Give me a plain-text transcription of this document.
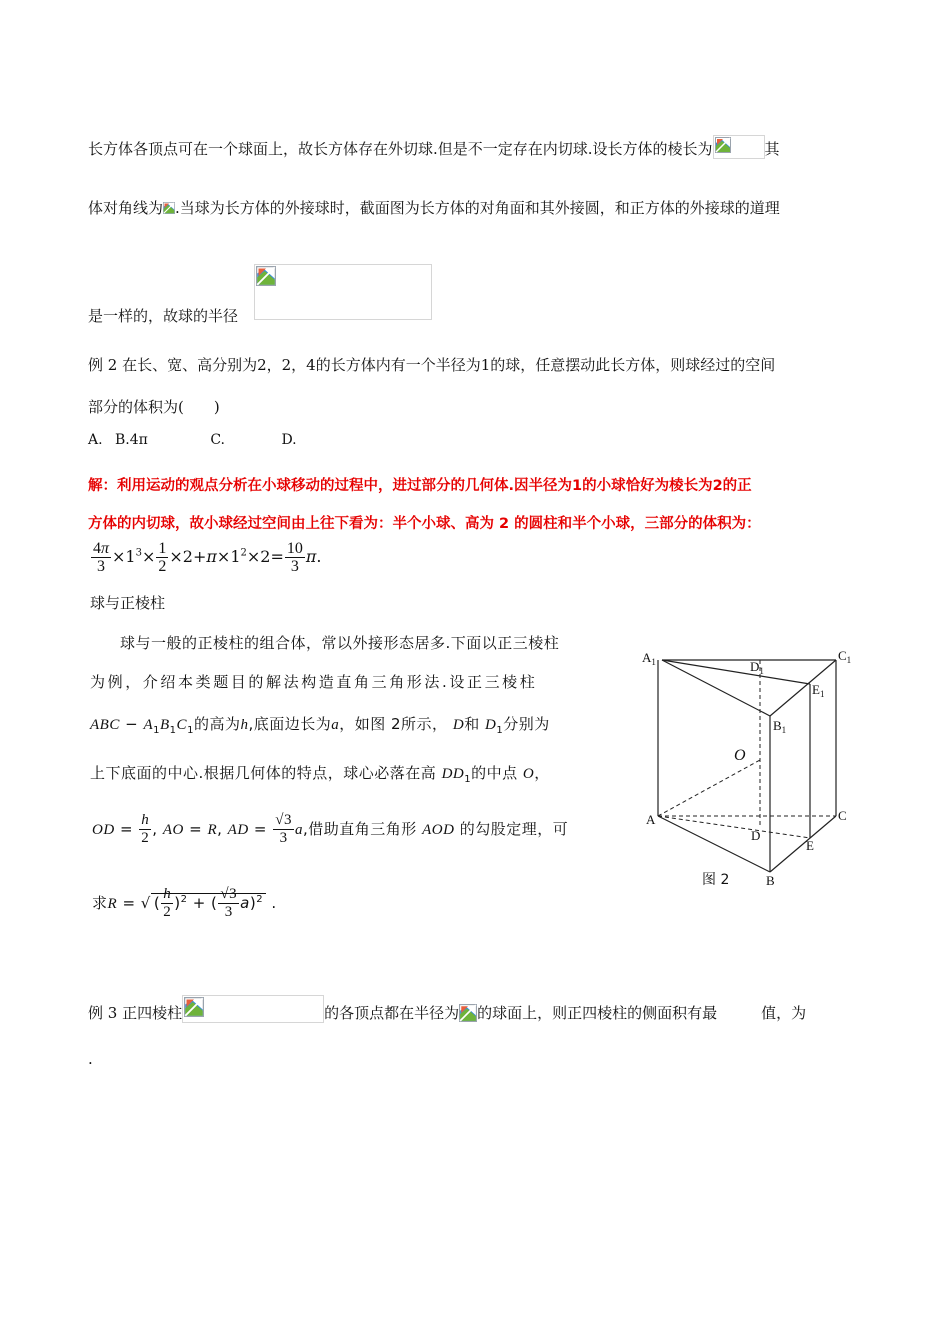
长方体各顶点可在一个球面上，故长方体存在外切球.但是不一定存在内切球.设长方体的棱长为	其
体对角线为 .当球为长方体的外接球时，截面图为长方体的对角面和其外接圆，和正方体的外接球的道理
是一样的，故球的半径
例 2 在长、宽、高分别为2，2，4的长方体内有一个半径为1的球，任意摆动此长方体，则球经过的空间
部分的体积为(　　)
A. B.4π	C.	D.
解：利用运动的观点分析在小球移动的过程中，进过部分的几何体.因半径为1的小球恰好为棱长为2的正
方体的内切球，故小球经过空间由上往下看为：半个小球、高为 2 的圆柱和半个小球，三部分的体积为：
$\frac{4\pi}{3} \times 1^3\times \frac{1}{2} \times 2+\pi\times 1^2\times 2= \frac{10}{3} \pi$.
球与正棱柱
球与一般的正棱柱的组合体，常以外接形态居多.下面以正三棱柱
为例，介绍本类题目的解法构造直角三角形法.设正三棱柱
ABC − $A_1B_1C_1$的高为h,底面边长为a，如图 2所示， D和 $D_1$分别为
上下底面的中心.根据几何体的特点，球心必落在高 $DD_1$的中点 O，
OD = $\frac{h}{2}$ , AO = R, AD = $\frac{√3}{3} a$,借助直角三角形 AOD 的勾股定理，可
求R = √ ( $\frac{h}{2} )^2$ + ( $\frac{√3}{3} a)^2$ .
$A_1$	$D_1$
$C_1$
$E_1$
$B_1$
O
A	C
D
E
B
图 2
例 3 正四棱柱	的各顶点都在半径为 的球面上，则正四棱柱的侧面积有最	值，为
.
